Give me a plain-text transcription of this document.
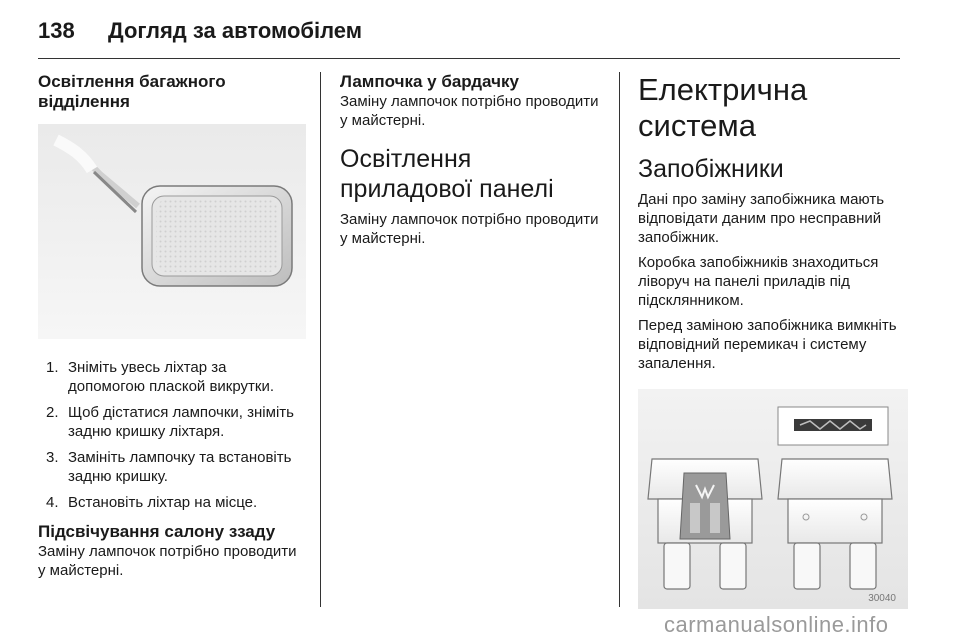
138 Догляд за автомобілем
Освітлення багажного відділення
1. Зніміть увесь ліхтар за допомогою плаской викрутки.
2. Щоб дістатися лампочки, зніміть задню кришку ліхтаря.
3. Замініть лампочку та встановіть задню кришку.
4. Встановіть ліхтар на місце.
Підсвічування салону ззаду

Заміну лампочок потрібно проводити у майстерні.

Лампочка у бардачку

Заміну лампочок потрібно проводити у майстерні.

Освітлення приладової панелі

Заміну лампочок потрібно проводити у майстерні.

Електрична система
Запобіжники

Дані про заміну запобіжника мають відповідати даним про несправний запобіжник.

Коробка запобіжників знаходиться ліворуч на панелі приладів під підсклянником.

Перед заміною запобіжника вимкніть відповідний перемикач і систему запалення.

30040
carmanualsonline.info
